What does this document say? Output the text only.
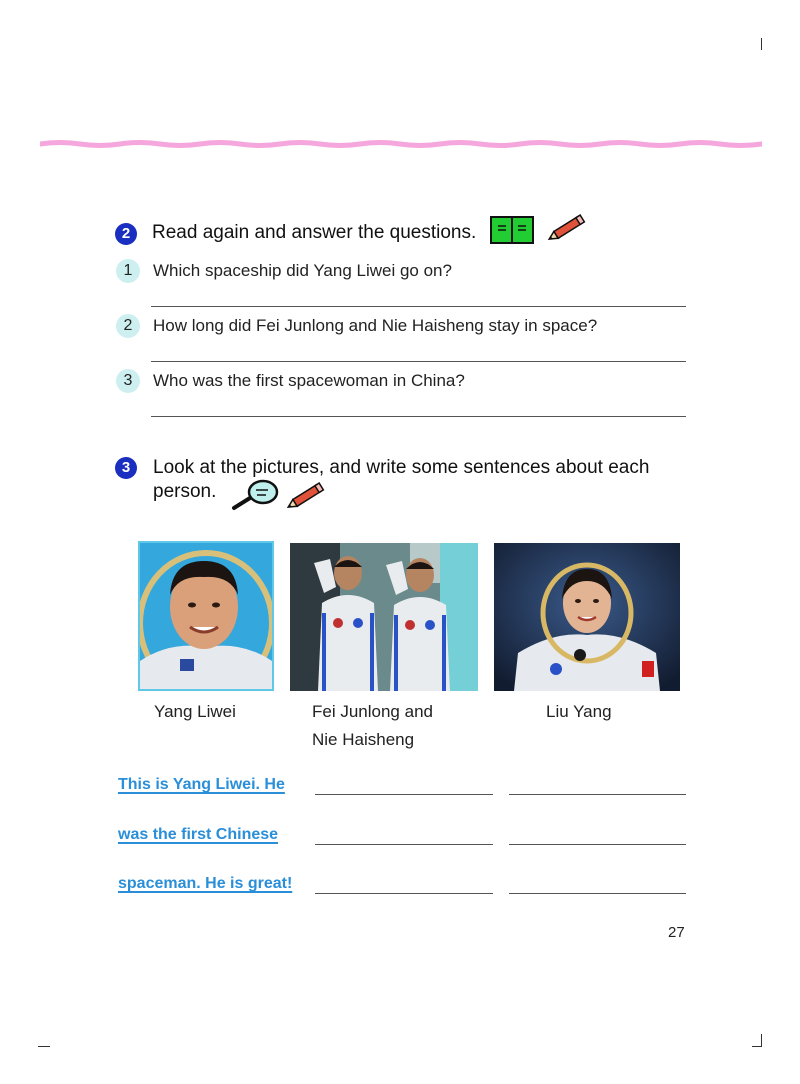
2	Read again and answer the questions.
1	Which spaceship did Yang Liwei go on?
2	How long did Fei Junlong and Nie Haisheng stay in space?
3	Who was the first spacewoman in China?
3	Look at the pictures, and write some sentences about each
person.
Yang Liwei	Fei Junlong and
Nie Haisheng
Liu Yang
This is Yang Liwei. He
was the first Chinese
spaceman. He is great!
27
